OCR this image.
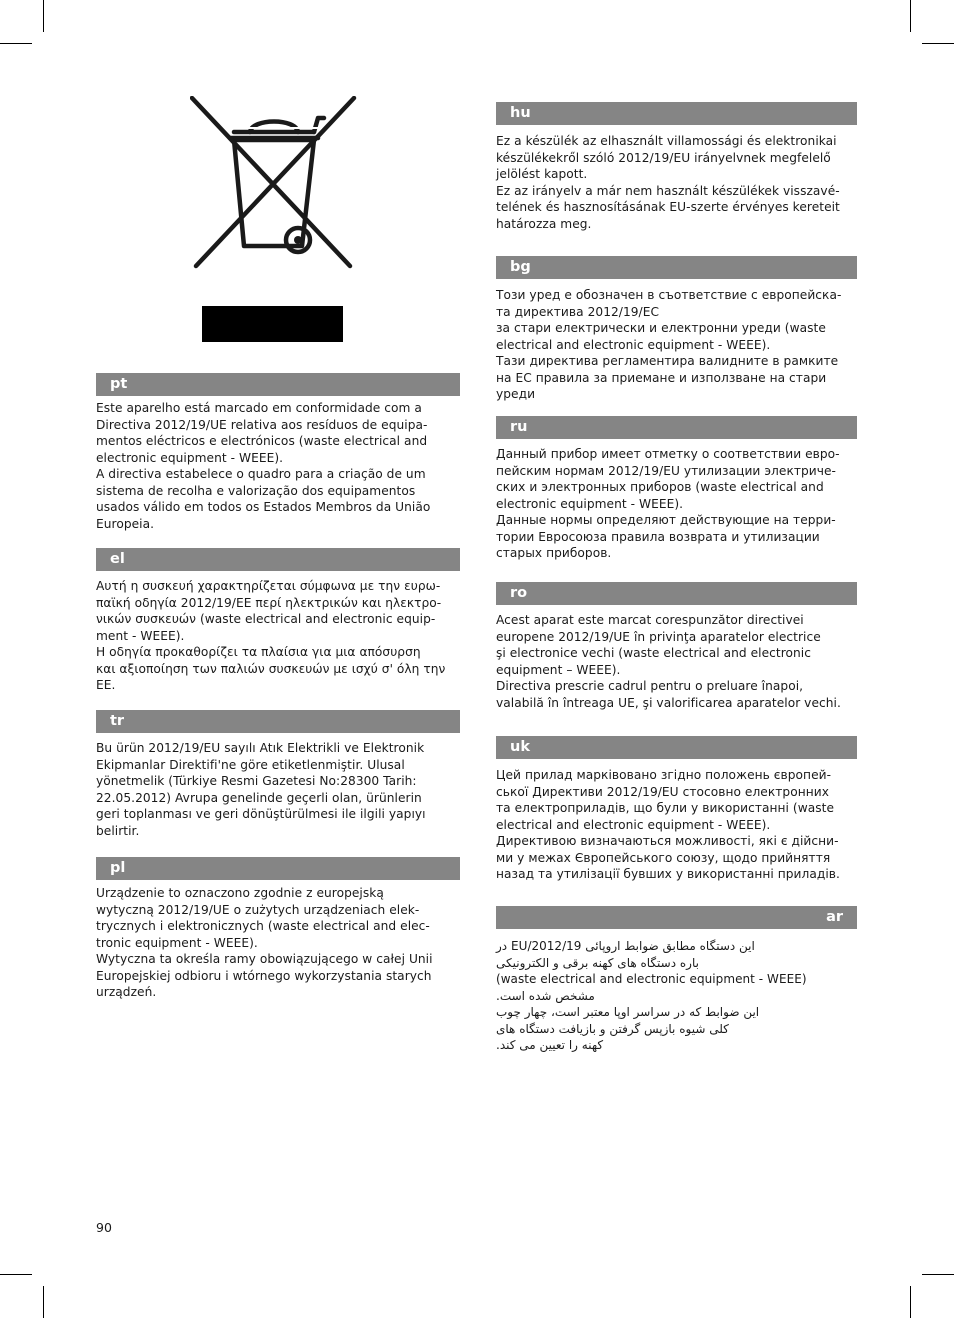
pt
Este aparelho está marcado em conformidade com a
Directiva 2012/19/UE relativa aos resíduos de equipa-
mentos eléctricos e electrónicos (waste electrical and
electronic equipment - WEEE).
A directiva estabelece o quadro para a criação de um
sistema de recolha e valorização dos equipamentos
usados válido em todos os Estados Membros da União
Europeia.
el
Αυτή η συσκευή χαρακτηρίζεται σύμφωνα με την ευρω-
παϊκή οδηγία 2012/19/ΕΕ περί ηλεκτρικών και ηλεκτρο-
νικών συσκευών (waste electrical and electronic equip-
ment - WEEE).
Η οδηγία προκαθορίζει τα πλαίσια για μια απόσυρση
και αξιοποίηση των παλιών συσκευών με ισχύ σ' όλη την
ΕΕ.
tr
Bu ürün 2012/19/EU sayılı Atık Elektrikli ve Elektronik
Ekipmanlar Direktifi'ne göre etiketlenmiştir. Ulusal
yönetmelik (Türkiye Resmi Gazetesi No:28300 Tarih:
22.05.2012) Avrupa genelinde geçerli olan, ürünlerin
geri toplanması ve geri dönüştürülmesi ile ilgili yapıyı
belirtir.
pl
Urządzenie to oznaczono zgodnie z europejską
wytyczną 2012/19/UE o zużytych urządzeniach elek-
trycznych i elektronicznych (waste electrical and elec-
tronic equipment - WEEE).
Wytyczna ta określa ramy obowiązującego w całej Unii
Europejskiej odbioru i wtórnego wykorzystania starych
urządzeń.
hu
Ez a készülék az elhasznált villamossági és elektronikai
készülékekről szóló 2012/19/EU irányelvnek megfelelő
jelölést kapott.
Ez az irányelv a már nem használt készülékek visszavé-
telének és hasznosításának EU-szerte érvényes kereteit
határozza meg.
bg
Този уред е обозначен в съответствие с европейска-
та директива 2012/19/EC
за стари електрически и електронни уреди (waste
electrical and electronic equipment - WEEE).
Тази директива регламентира валидните в рамките
на ЕС правила за приемане и използване на стари
уреди
ru
Данный прибор имеет отметку о соответствии евро-
пейским нормам 2012/19/EU утилизации электриче-
ских и электронных приборов (waste electrical and
electronic equipment - WEEE).
Данные нормы определяют действующие на терри-
тории Евросоюза правила возврата и утилизации
старых приборов.
ro
Acest aparat este marcat corespunzător directivei
europene 2012/19/UE în privinţa aparatelor electrice
şi electronice vechi (waste electrical and electronic
equipment – WEEE).
Directiva prescrie cadrul pentru o preluare înapoi,
valabilă în întreaga UE, şi valorificarea aparatelor vechi.
uk
Цей прилад марківовано згідно положень європей-
ської Директиви 2012/19/EU стосовно електронних
та електроприладів, що були у використанні (waste
electrical and electronic equipment - WEEE).
Директивою визначаються можливості, які є дійсни-
ми у межах Європейського союзу, щодо прийняття
назад та утилізації бувших у використанні приладів.
ar
این دستگاه مطابق ضوابط اروپائی 2012/19/EU در
باره دستگاه های کهنه برقی و الکترونیکی
(waste electrical and electronic equipment - WEEE)
مشخص شده است.
این ضوابط که در سراسر اوپا معتبر است، چهار چوب
کلی شیوه بازپس گرفتن و بازیافت دستگاه های
کهنه را تعیین می کند.
90
